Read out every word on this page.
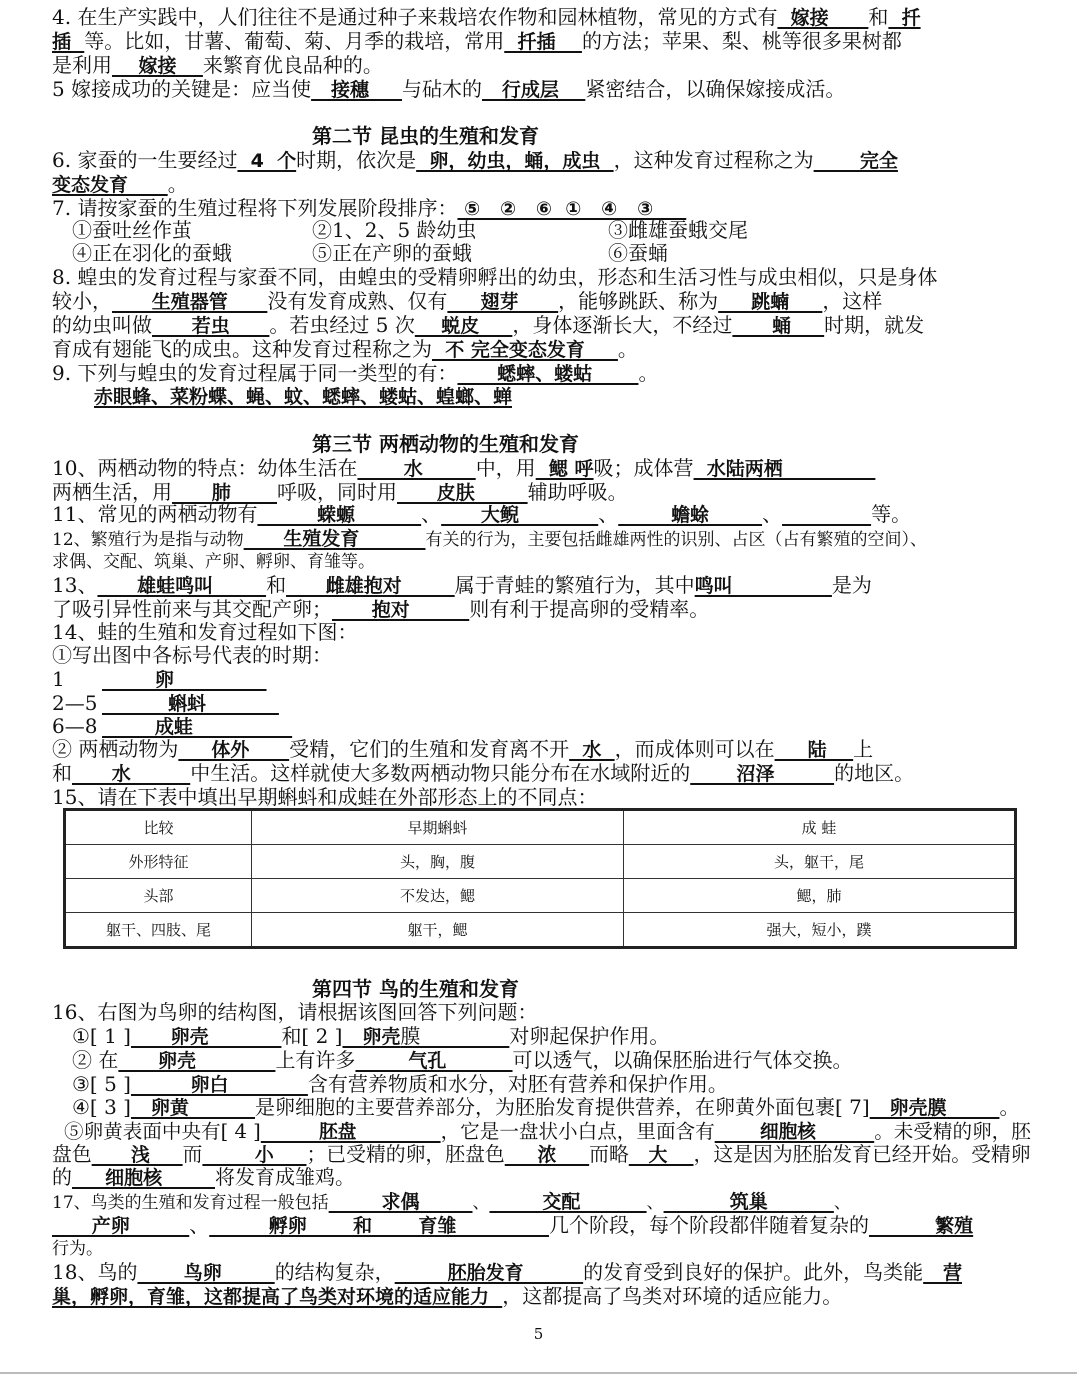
4. 在生产实践中，人们往往不是通过种子来栽培农作物和园林植物，常见的方式有  嫁接      和  扦
插  等。比如，甘薯、葡萄、菊、月季的栽培，常用  扦插    的方法；苹果、梨、桃等很多果树都
是利用    嫁接    来繁育优良品种的。
5 嫁接成功的关键是：应当使   接穗     与砧木的   行成层    紧密结合，以确保嫁接成活。
第二节 昆虫的生殖和发育
6. 家蚕的一生要经过  4  个时期，依次是  卵，幼虫，蛹，成虫  ，这种发育过程称之为       完全
变态发育      。
7. 请按家蚕的生殖过程将下列发展阶段排序： ⑤   ②   ⑥  ①   ④   ③
①蚕吐丝作茧	②1、2、5 龄幼虫	③雌雄蚕蛾交尾
④正在羽化的蚕蛾	⑤正在产卵的蚕蛾	⑥蚕蛹
8. 蝗虫的发育过程与家蚕不同，由蝗虫的受精卵孵出的幼虫，形态和生活习性与成虫相似，只是身体
较小，      生殖器管      没有发育成熟、仅有     翅芽      ，能够跳跃、称为     跳蝻     ，这样
的幼虫叫做      若虫      。若虫经过 5 次    蜕皮     ，身体逐渐长大，不经过      蛹     时期，就发
育成有翅能飞的成虫。这种发育过程称之为  不 完全变态发育     。
9. 下列与蝗虫的发育过程属于同一类型的有：      蟋蟀、蝼蛄       。
赤眼蜂、菜粉蝶、蝇、蚊、蟋蟀、蝼蛄、蝗螂、蝉
第三节 两栖动物的生殖和发育
10、两栖动物的特点：幼体生活在       水        中，用  鳃 呼吸；成体营  水陆两栖
两栖生活，用      肺       呼吸，同时用      皮肤        辅助呼吸。
11、常见的两栖动物有         蝾螈          、      大鲵            、        蟾蜍        、	等。
12、繁殖行为是指与动物      生殖发育          有关的行为，主要包括雌雄两性的识别、占区（占有繁殖的空间）、
求偶、交配、筑巢、产卵、孵卵、育雏等。
13、      雄蛙鸣叫        和      雌雄抱对        属于青蛙的繁殖行为，其中鸣叫               是为
了吸引异性前来与其交配产卵；      抱对         则有利于提高卵的受精率。
14、蛙的生殖和发育过程如下图：
①写出图中各标号代表的时期：
1        卵
2—5          蝌蚪
6—8        成蛙
② 两栖动物为     体外      受精，它们的生殖和发育离不开  水  ，而成体则可以在     陆    上
和      水         中生活。这样就使大多数两栖动物只能分布在水域附近的       沼泽         的地区。
15、请在下表中填出早期蝌蚪和成蛙在外部形态上的不同点：
比较	早期蝌蚪	成 蛙
外形特征	头，胸，腹	头，躯干，尾
头部	不发达，鳃	鳃，肺
躯干、四肢、尾	躯干，鳃	强大，短小，蹼
第四节 鸟的生殖和发育
16、右图为鸟卵的结构图，请根据该图回答下列问题：
①[ 1 ]      卵壳           和[ 2 ]   卵壳膜              对卵起保护作用。
② 在      卵壳            上有许多        气孔          可以透气，以确保胚胎进行气体交换。
③[ 5 ]         卵白            含有营养物质和水分，对胚有营养和保护作用。
④[ 3 ]   卵黄          是卵细胞的主要营养部分，为胚胎发育提供营养，在卵黄外面包裹[ 7]   卵壳膜        。
⑤卵黄表面中央有[ 4 ]         胚盘             ，它是一盘状小白点，里面含有       细胞核         。未受精的卵，胚
盘色      浅     而        小     ；已受精的卵，胚盘色     浓     而略   大    ，这是因为胚胎发育已经开始。受精卵
的     细胞核        将发育成雏鸡。
17、鸟类的生殖和发育过程一般包括        求偶        、        交配          、          筑巢          、
产卵         、         孵卵       和       育雏              几个阶段，每个阶段都伴随着复杂的          繁殖
行为。
18、鸟的       鸟卵        的结构复杂，        胚胎发育         的发育受到良好的保护。此外，鸟类能   营
巢，孵卵，育雏，这都提高了鸟类对环境的适应能力  ，这都提高了鸟类对环境的适应能力。
5
